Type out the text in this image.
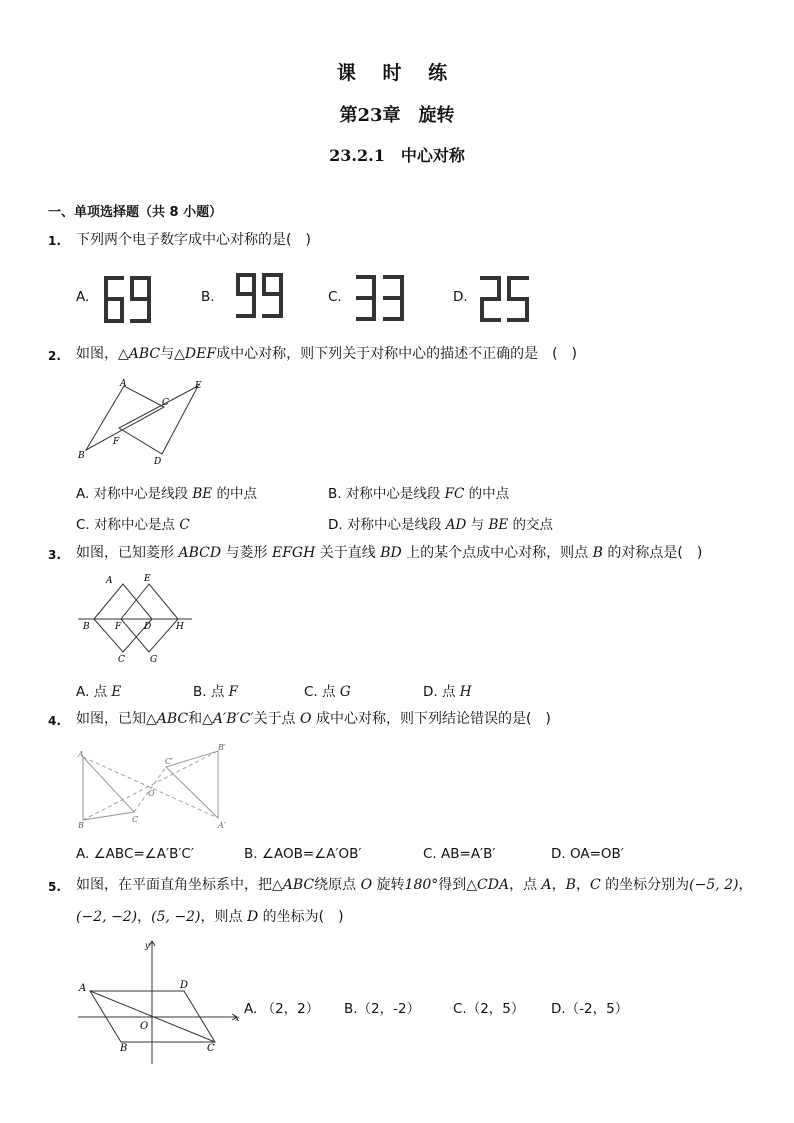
课 时 练
第23章　旋转
23.2.1　中心对称
一、单项选择题（共 8 小题）
1. 下列两个电子数字成中心对称的是(　)
A.	B.	C.	D.
2. 如图，△ABC与△DEF成中心对称，则下列关于对称中心的描述不正确的是　(　)
A
B
C
D
E
F
A. 对称中心是线段 BE 的中点	B. 对称中心是线段 FC 的中点
C. 对称中心是点 C	D. 对称中心是线段 AD 与 BE 的交点
3. 如图，已知菱形 ABCD 与菱形 EFGH 关于直线 BD 上的某个点成中心对称，则点 B 的对称点是(　)
A	E
B	F	D	H
C	G
A. 点 E	B. 点 F	C. 点 G	D. 点 H
4. 如图，已知△ABC和△A′B′C′关于点 O 成中心对称，则下列结论错误的是(　)
A
B
C
O
A′
B′
C′
A. ∠ABC=∠A′B′C′	B. ∠AOB=∠A′OB′	C. AB=A′B′	D. OA=OB′
5. 如图，在平面直角坐标系中，把△ABC绕原点 O 旋转180°得到△CDA，点 A，B，C 的坐标分别为(−5, 2)，
(−2, −2)，(5, −2)，则点 D 的坐标为(　)
y
x
A	D
O
B	C
A. （2，2） B.（2，-2） C.（2，5） D.（-2，5）
